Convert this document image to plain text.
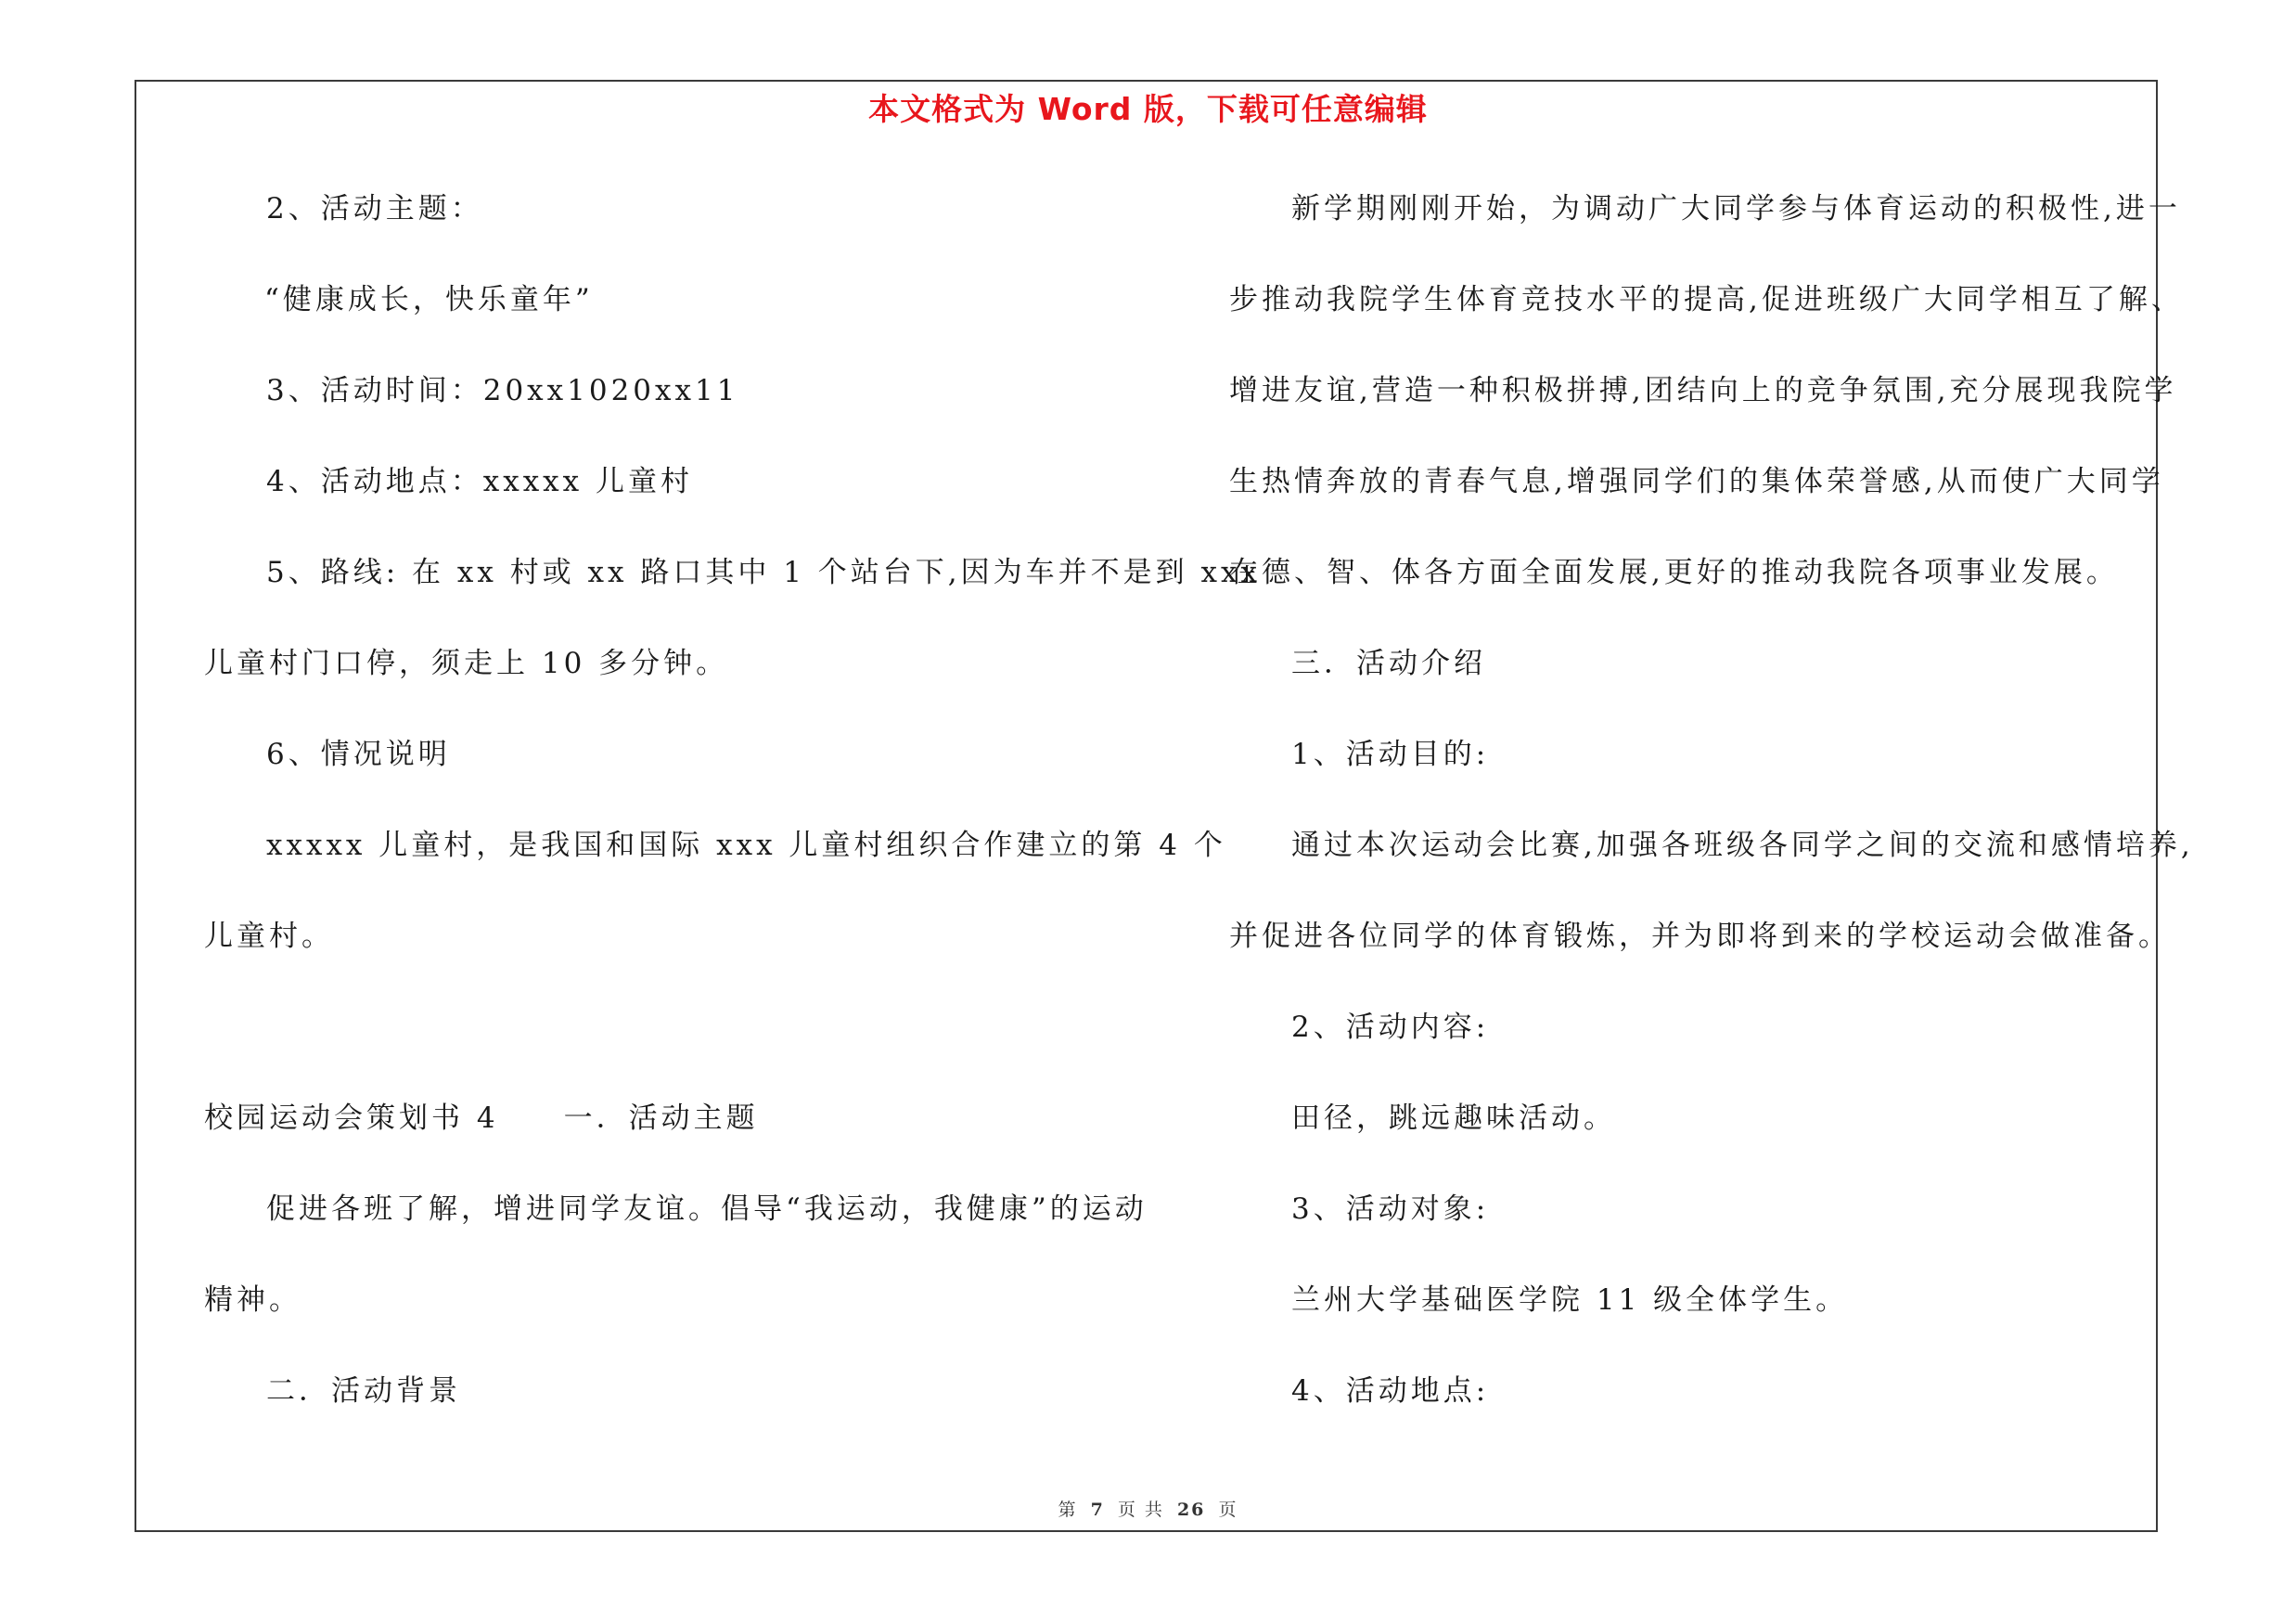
本文格式为 Word 版，下载可任意编辑
2、活动主题：
“健康成长，快乐童年”
3、活动时间：20xx1020xx11
4、活动地点：xxxxx 儿童村
5、路线: 在 xx 村或 xx 路口其中 1 个站台下,因为车并不是到 xxx
儿童村门口停，须走上 10 多分钟。
6、情况说明
xxxxx 儿童村，是我国和国际 xxx 儿童村组织合作建立的第 4 个
儿童村。
校园运动会策划书 4　　一．活动主题
促进各班了解，增进同学友谊。倡导“我运动，我健康”的运动
精神。
二．活动背景
新学期刚刚开始，为调动广大同学参与体育运动的积极性,进一
步推动我院学生体育竞技水平的提高,促进班级广大同学相互了解、
增进友谊,营造一种积极拼搏,团结向上的竞争氛围,充分展现我院学
生热情奔放的青春气息,增强同学们的集体荣誉感,从而使广大同学
在德、智、体各方面全面发展,更好的推动我院各项事业发展。
三．活动介绍
1、活动目的:
通过本次运动会比赛,加强各班级各同学之间的交流和感情培养,
并促进各位同学的体育锻炼，并为即将到来的学校运动会做准备。
2、活动内容:
田径，跳远趣味活动。
3、活动对象:
兰州大学基础医学院 11 级全体学生。
4、活动地点:
第 7 页 共 26 页
